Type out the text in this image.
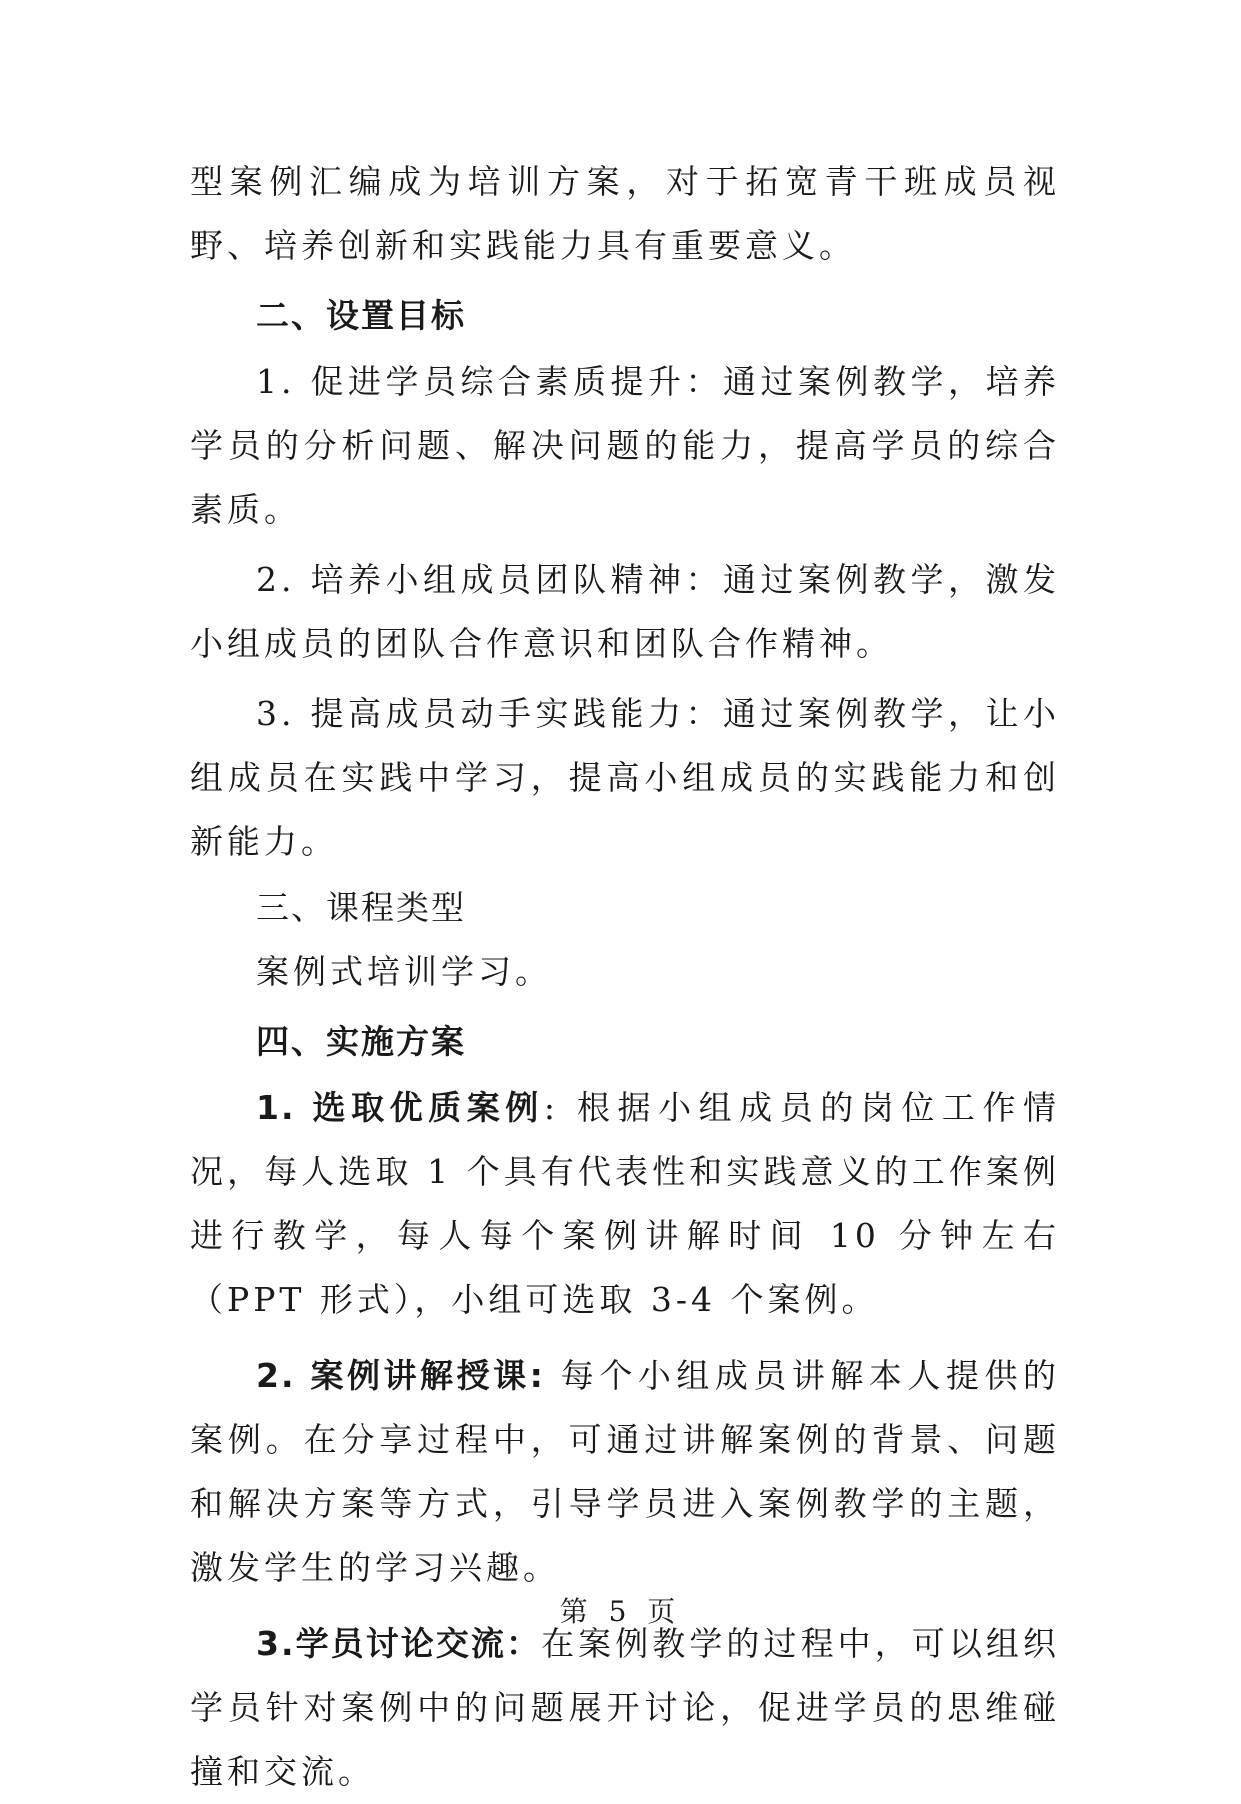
型案例汇编成为培训方案，对于拓宽青干班成员视野、培养创新和实践能力具有重要意义。

二、设置目标

1. 促进学员综合素质提升：通过案例教学，培养学员的分析问题、解决问题的能力，提高学员的综合素质。

2. 培养小组成员团队精神：通过案例教学，激发小组成员的团队合作意识和团队合作精神。

3. 提高成员动手实践能力：通过案例教学，让小组成员在实践中学习，提高小组成员的实践能力和创新能力。

三、课程类型

案例式培训学习。

四、实施方案

1. 选取优质案例: 根据小组成员的岗位工作情况，每人选取 1 个具有代表性和实践意义的工作案例进行教学，每人每个案例讲解时间 10 分钟左右（PPT 形式），小组可选取 3-4 个案例。

2. 案例讲解授课: 每个小组成员讲解本人提供的案例。在分享过程中，可通过讲解案例的背景、问题和解决方案等方式，引导学员进入案例教学的主题，激发学生的学习兴趣。

3.学员讨论交流：在案例教学的过程中，可以组织学员针对案例中的问题展开讨论，促进学员的思维碰撞和交流。

第 5 页
